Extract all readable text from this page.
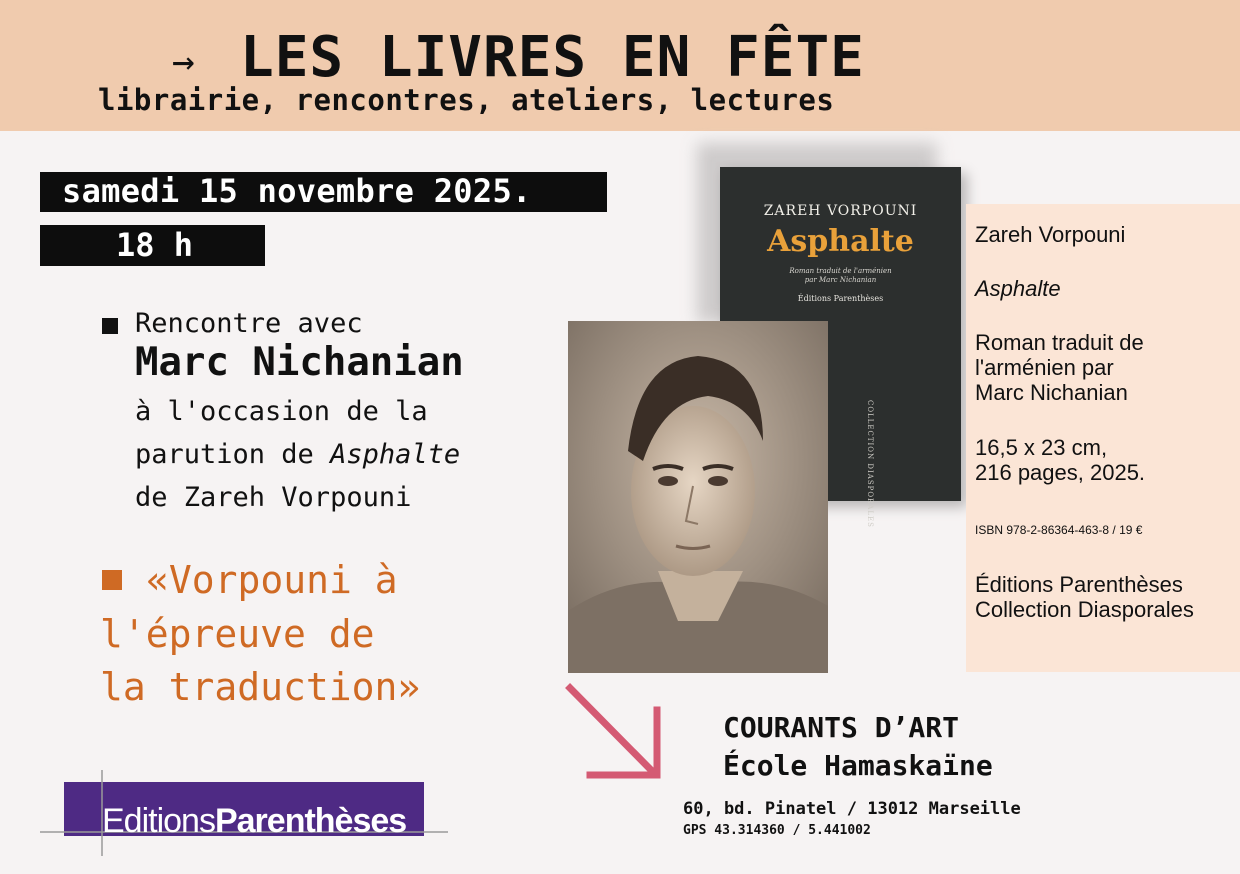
→ LES LIVRES EN FÊTE
librairie, rencontres, ateliers, lectures
samedi 15 novembre 2025.
18 h
Rencontre avec
Marc Nichanian
à l'occasion de la
parution de Asphalte
de Zareh Vorpouni
«Vorpouni à
l'épreuve de
la traduction»
ZAREH VORPOUNI
Asphalte
Roman traduit de l'arménien
par Marc Nichanian
Éditions Parenthèses
COLLECTION DIASPORALES
Zareh Vorpouni
Asphalte
Roman traduit de
l'arménien par
Marc Nichanian
16,5 x 23 cm,
216 pages, 2025.
ISBN 978-2-86364-463-8 / 19 €
Éditions Parenthèses
Collection Diasporales
COURANTS D’ART
École Hamaskaïne
60, bd. Pinatel / 13012 Marseille
GPS 43.314360 / 5.441002
EditionsParenthèses
